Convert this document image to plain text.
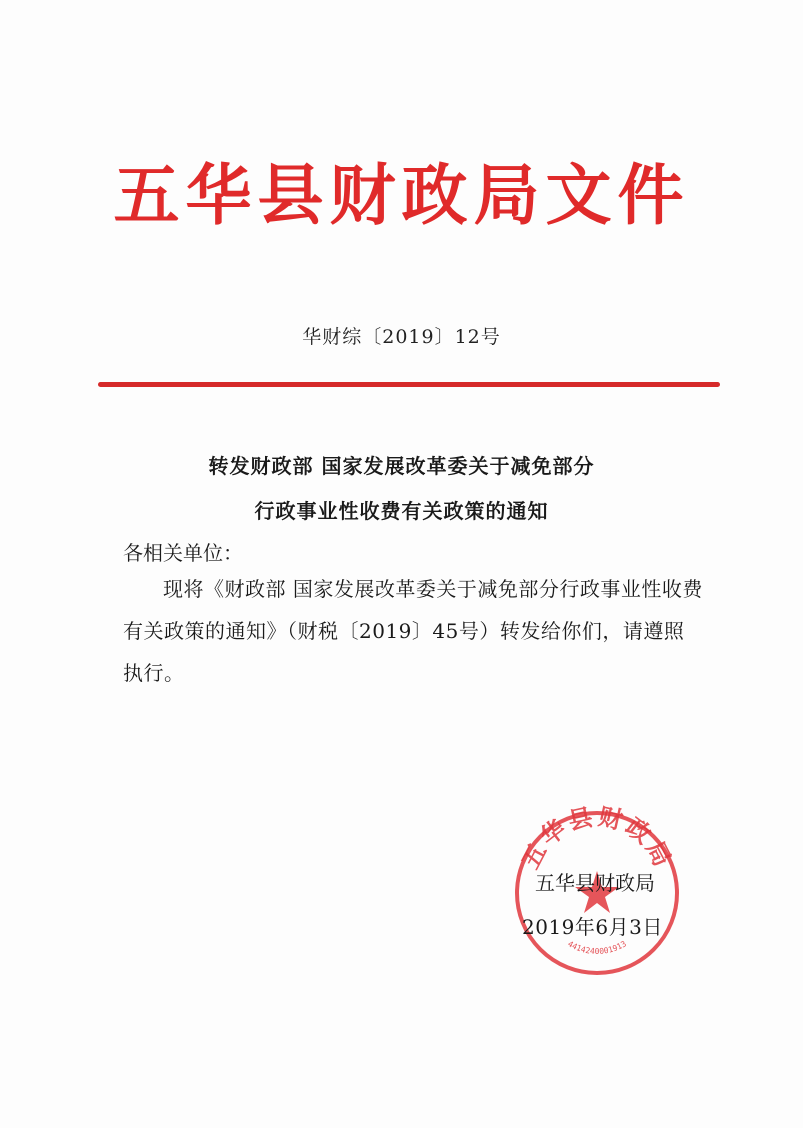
五华县财政局文件
华财综〔2019〕12号
转发财政部 国家发展改革委关于减免部分
行政事业性收费有关政策的通知
各相关单位：
现将《财政部 国家发展改革委关于减免部分行政事业性收费有关政策的通知》（财税〔2019〕45号）转发给你们，请遵照执行。
五华县财政局
4414240001913
五华县财政局
2019年6月3日
